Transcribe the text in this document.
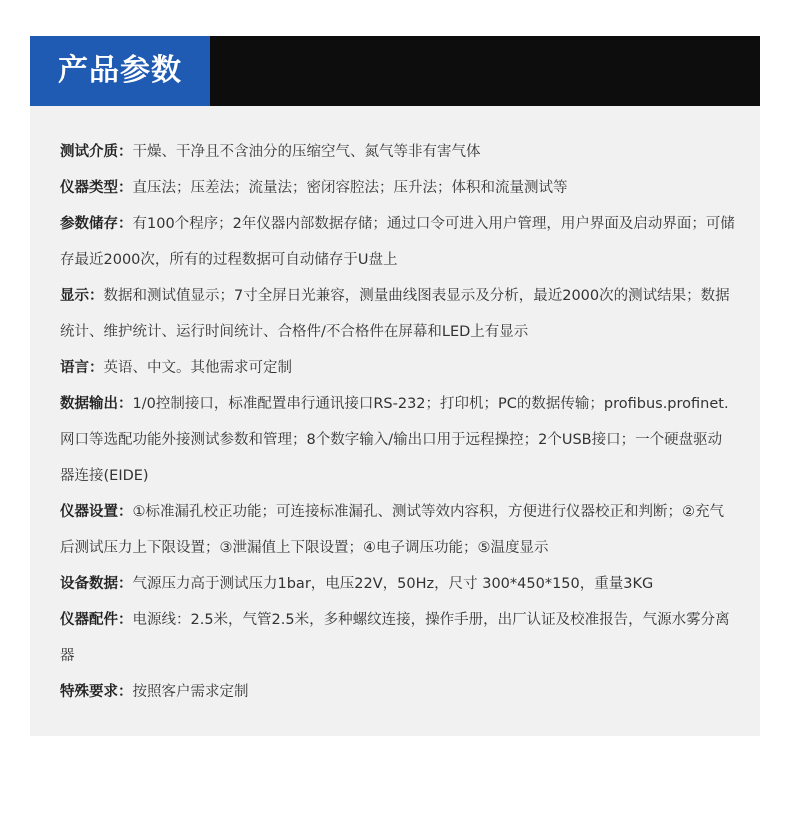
产品参数
测试介质：干燥、干净且不含油分的压缩空气、氮气等非有害气体
仪器类型：直压法；压差法；流量法；密闭容腔法；压升法；体积和流量测试等
参数储存：有100个程序；2年仪器内部数据存储；通过口令可进入用户管理，用户界面及启动界面；可储存最近2000次，所有的过程数据可自动储存于U盘上
显示：数据和测试值显示；7寸全屏日光兼容，测量曲线图表显示及分析，最近2000次的测试结果；数据统计、维护统计、运行时间统计、合格件/不合格件在屏幕和LED上有显示
语言：英语、中文。其他需求可定制
数据输出：1/0控制接口，标准配置串行通讯接口RS-232；打印机；PC的数据传输；profibus.profinet.网口等选配功能外接测试参数和管理；8个数字输入/输出口用于远程操控；2个USB接口；一个硬盘驱动器连接(EIDE)
仪器设置：①标准漏孔校正功能；可连接标准漏孔、测试等效内容积，方便进行仪器校正和判断；②充气后测试压力上下限设置；③泄漏值上下限设置；④电子调压功能；⑤温度显示
设备数据：气源压力高于测试压力1bar，电压22V，50Hz，尺寸 300*450*150，重量3KG
仪器配件：电源线：2.5米，气管2.5米，多种螺纹连接，操作手册，出厂认证及校准报告，气源水雾分离器
特殊要求：按照客户需求定制
